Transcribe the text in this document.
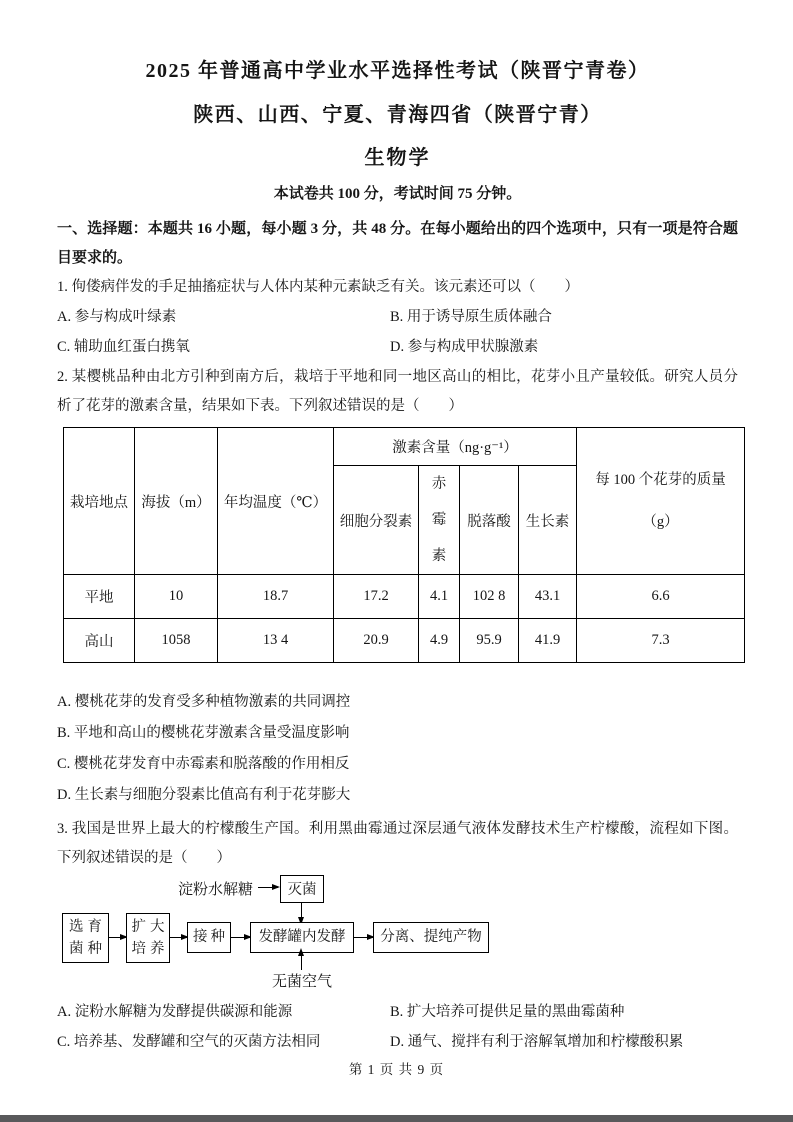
2025 年普通高中学业水平选择性考试（陕晋宁青卷）
陕西、山西、宁夏、青海四省（陕晋宁青）
生物学
本试卷共 100 分，考试时间 75 分钟。
一、选择题：本题共 16 小题，每小题 3 分，共 48 分。在每小题给出的四个选项中，只有一项是符合题目要求的。
1. 佝偻病伴发的手足抽搐症状与人体内某种元素缺乏有关。该元素还可以（　　）
A. 参与构成叶绿素	B. 用于诱导原生质体融合
C. 辅助血红蛋白携氧	D. 参与构成甲状腺激素
2. 某樱桃品种由北方引种到南方后，栽培于平地和同一地区高山的相比，花芽小且产量较低。研究人员分析了花芽的激素含量，结果如下表。下列叙述错误的是（　　）
栽培地点	海拔（m）	年均温度（℃）	激素含量（ng·g⁻¹）				每 100 个花芽的质量
（g）

			细胞分裂素	赤霉素	脱落酸	生长素	

平地	10	18.7	17.2	4.1	102 8	43.1	6.6
高山	1058	13 4	20.9	4.9	95.9	41.9	7.3
A. 樱桃花芽的发育受多种植物激素的共同调控
B. 平地和高山的樱桃花芽激素含量受温度影响
C. 樱桃花芽发育中赤霉素和脱落酸的作用相反
D. 生长素与细胞分裂素比值高有利于花芽膨大
3. 我国是世界上最大的柠檬酸生产国。利用黑曲霉通过深层通气液体发酵技术生产柠檬酸，流程如下图。下列叙述错误的是（　　）
淀粉水解糖	灭菌
选育
菌种
扩大
培养
接种	发酵罐内发酵	分离、提纯产物
无菌空气
A. 淀粉水解糖为发酵提供碳源和能源	B. 扩大培养可提供足量的黑曲霉菌种
C. 培养基、发酵罐和空气的灭菌方法相同	D. 通气、搅拌有利于溶解氧增加和柠檬酸积累
第 1 页 共 9 页
